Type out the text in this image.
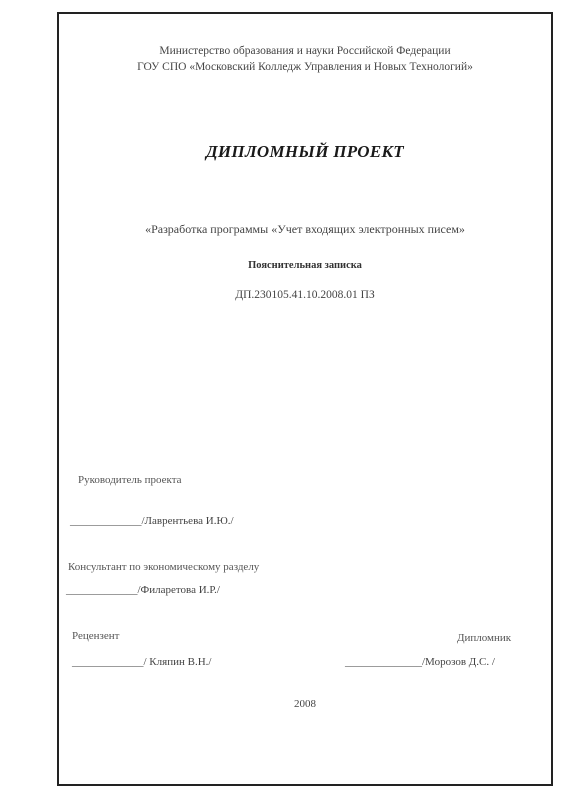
Министерство образования и науки Российской Федерации
ГОУ СПО «Московский Колледж Управления и Новых Технологий»
ДИПЛОМНЫЙ ПРОЕКТ
«Разработка программы «Учет входящих электронных писем»
Пояснительная записка
ДП.230105.41.10.2008.01 ПЗ
Руководитель проекта
_____________/Лаврентьева И.Ю./
Консультант по экономическому разделу
_____________/Филаретова И.Р./
Рецензент
_____________/ Кляпин В.Н./
Дипломник
______________/Морозов Д.С. /
2008
